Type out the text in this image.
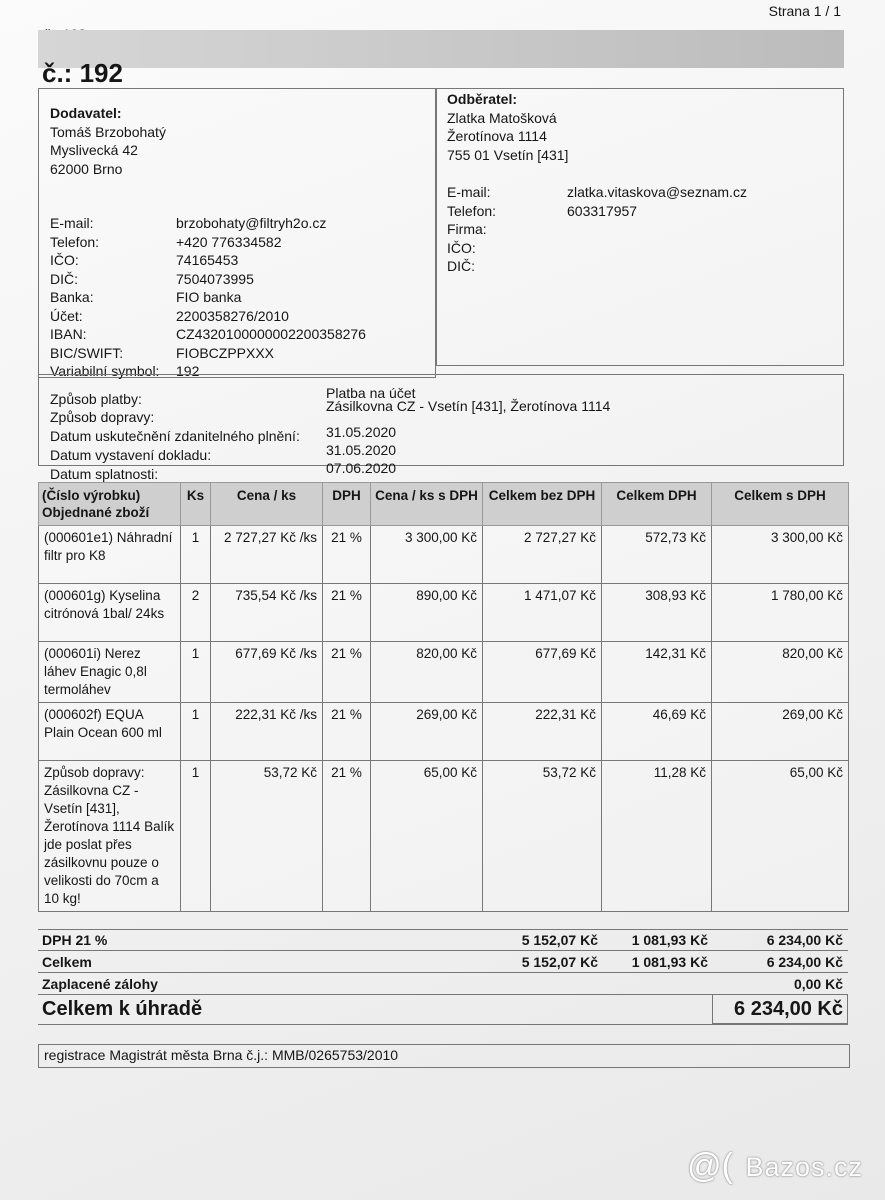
Strana 1 / 1
č.: 192
Dodavatel:
Tomáš Brzobohatý
Myslivecká 42
62000 Brno
E-mail:	brzobohaty@filtryh2o.cz
Telefon:	+420 776334582
IČO:	74165453
DIČ:	7504073995
Banka:	FIO banka
Účet:	2200358276/2010
IBAN:	CZ4320100000002200358276
BIC/SWIFT:	FIOBCZPPXXX
Variabilní symbol:	192
Odběratel:
Zlatka Matošková
Žerotínova 1114
755 01 Vsetín [431]
E-mail:	zlatka.vitaskova@seznam.cz
Telefon:	603317957
Firma:
IČO:
DIČ:
Způsob platby:	Platba na účet
Způsob dopravy:
Zásilkovna CZ - Vsetín [431], Žerotínova 1114
Datum uskutečnění zdanitelného plnění: 31.05.2020
Datum vystavení dokladu:	31.05.2020
Datum splatnosti:	07.06.2020
(Číslo výrobku) Objednané zboží	Ks	Cena / ks	DPH	Cena / ks s DPH	Celkem bez DPH	Celkem DPH	Celkem s DPH
(000601e1) Náhradní filtr pro K8	1	2 727,27 Kč /ks	21 %	3 300,00 Kč	2 727,27 Kč	572,73 Kč	3 300,00 Kč
(000601g) Kyselina citrónová 1bal/ 24ks	2	735,54 Kč /ks	21 %	890,00 Kč	1 471,07 Kč	308,93 Kč	1 780,00 Kč
(000601i) Nerez láhev Enagic 0,8l termoláhev	1	677,69 Kč /ks	21 %	820,00 Kč	677,69 Kč	142,31 Kč	820,00 Kč
(000602f) EQUA Plain Ocean 600 ml	1	222,31 Kč /ks	21 %	269,00 Kč	222,31 Kč	46,69 Kč	269,00 Kč
Způsob dopravy: Zásilkovna CZ - Vsetín [431], Žerotínova 1114 Balík jde poslat přes zásilkovnu pouze o velikosti do 70cm a 10 kg!	1	53,72 Kč	21 %	65,00 Kč	53,72 Kč	11,28 Kč	65,00 Kč
DPH 21 %	5 152,07 Kč 1 081,93 Kč	6 234,00 Kč
Celkem	5 152,07 Kč 1 081,93 Kč	6 234,00 Kč
Zaplacené zálohy	0,00 Kč
Celkem k úhradě	6 234,00 Kč
registrace Magistrát města Brna č.j.: MMB/0265753/2010
@( Bazos.cz
